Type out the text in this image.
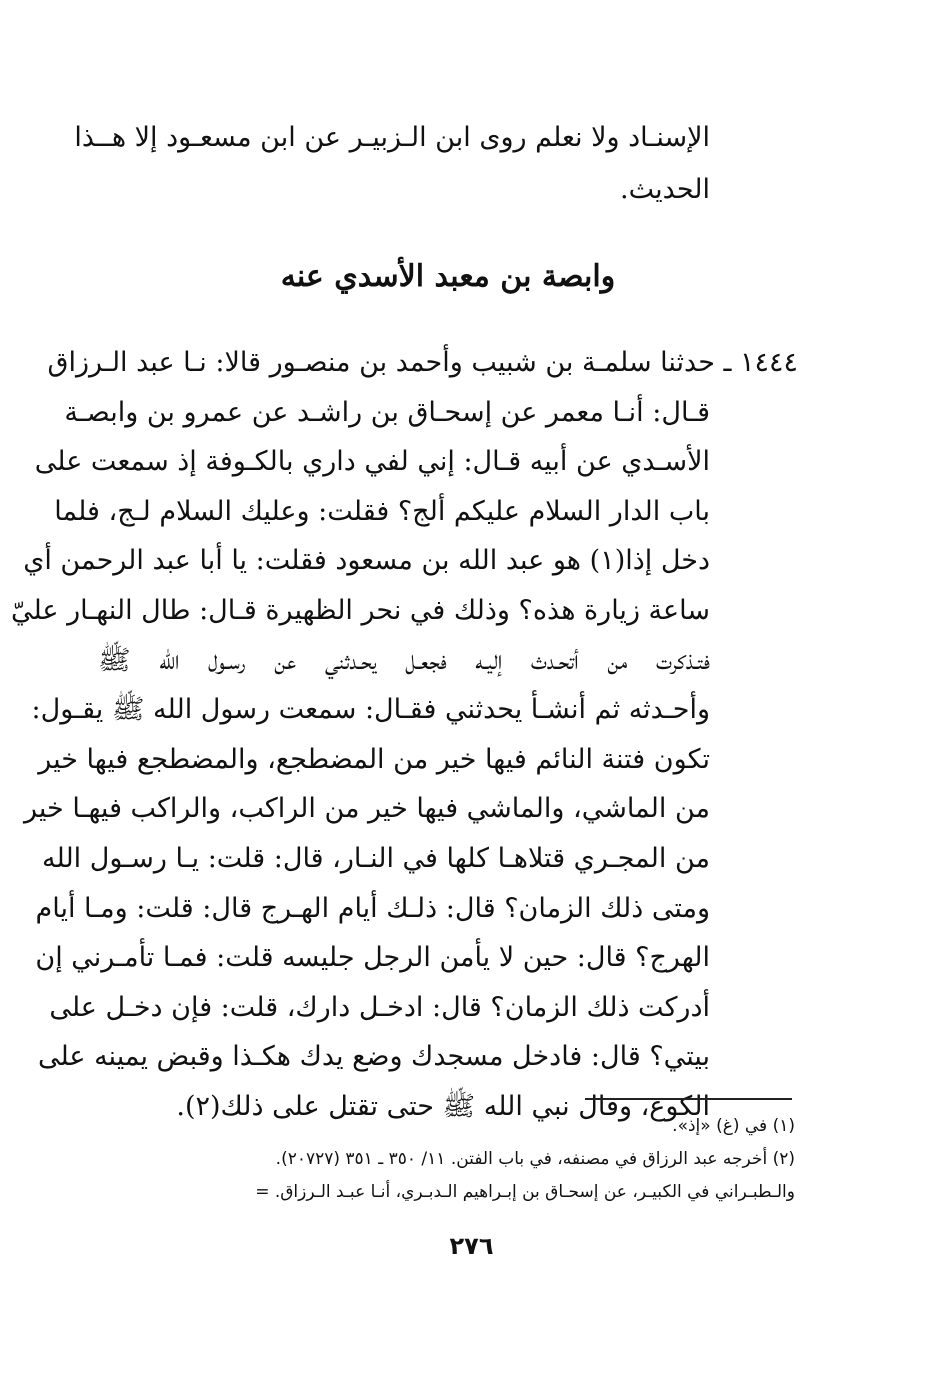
الإسنـاد ولا نعلم روى ابن الـزبيـر عن ابن مسعـود إلا هــذا
الحديث.
وابصة بن معبد الأسدي عنه
١٤٤٤ ـ حدثنا سلمـة بن شبيب وأحمد بن منصـور قالا: نـا عبد الـرزاق
قـال: أنـا معمر عن إسحـاق بن راشـد عن عمرو بن وابصـة
الأسـدي عن أبيه قـال: إني لفي داري بالكـوفة إذ سمعت على
باب الدار السلام عليكم ألج؟ فقلت: وعليك السلام لـج، فلما
دخل إذا(١) هو عبد الله بن مسعود فقلت: يا أبا عبد الرحمن أي
ساعة زيارة هذه؟ وذلك في نحر الظهيرة قـال: طال النهـار عليّ
فتـذكرت من أتحـدث إليـه فجعـل يحـدثني عن رسـول الله ﷺ
وأحـدثه ثم أنشـأ يحدثني فقـال: سمعت رسول الله ﷺ يقـول:
تكون فتنة النائم فيها خير من المضطجع، والمضطجع فيها خير
من الماشي، والماشي فيها خير من الراكب، والراكب فيهـا خير
من المجـري قتلاهـا كلها في النـار، قال: قلت: يـا رسـول الله
ومتى ذلك الزمان؟ قال: ذلـك أيام الهـرج قال: قلت: ومـا أيام
الهرج؟ قال: حين لا يأمن الرجل جليسه قلت: فمـا تأمـرني إن
أدركت ذلك الزمان؟ قال: ادخـل دارك، قلت: فإن دخـل على
بيتي؟ قال: فادخل مسجدك وضع يدك هكـذا وقبض يمينه على
الكوع، وقال نبي الله ﷺ حتى تقتل على ذلك(٢).
(١) في (غ) «إذ».
(٢) أخرجه عبد الرزاق في مصنفه، في باب الفتن. ١١/ ٣٥٠ ـ ٣٥١ (٢٠٧٢٧).
والـطبـراني في الكبيـر، عن إسحـاق بن إبـراهيم الـدبـري، أنـا عبـد الـرزاق. =
٢٧٦
